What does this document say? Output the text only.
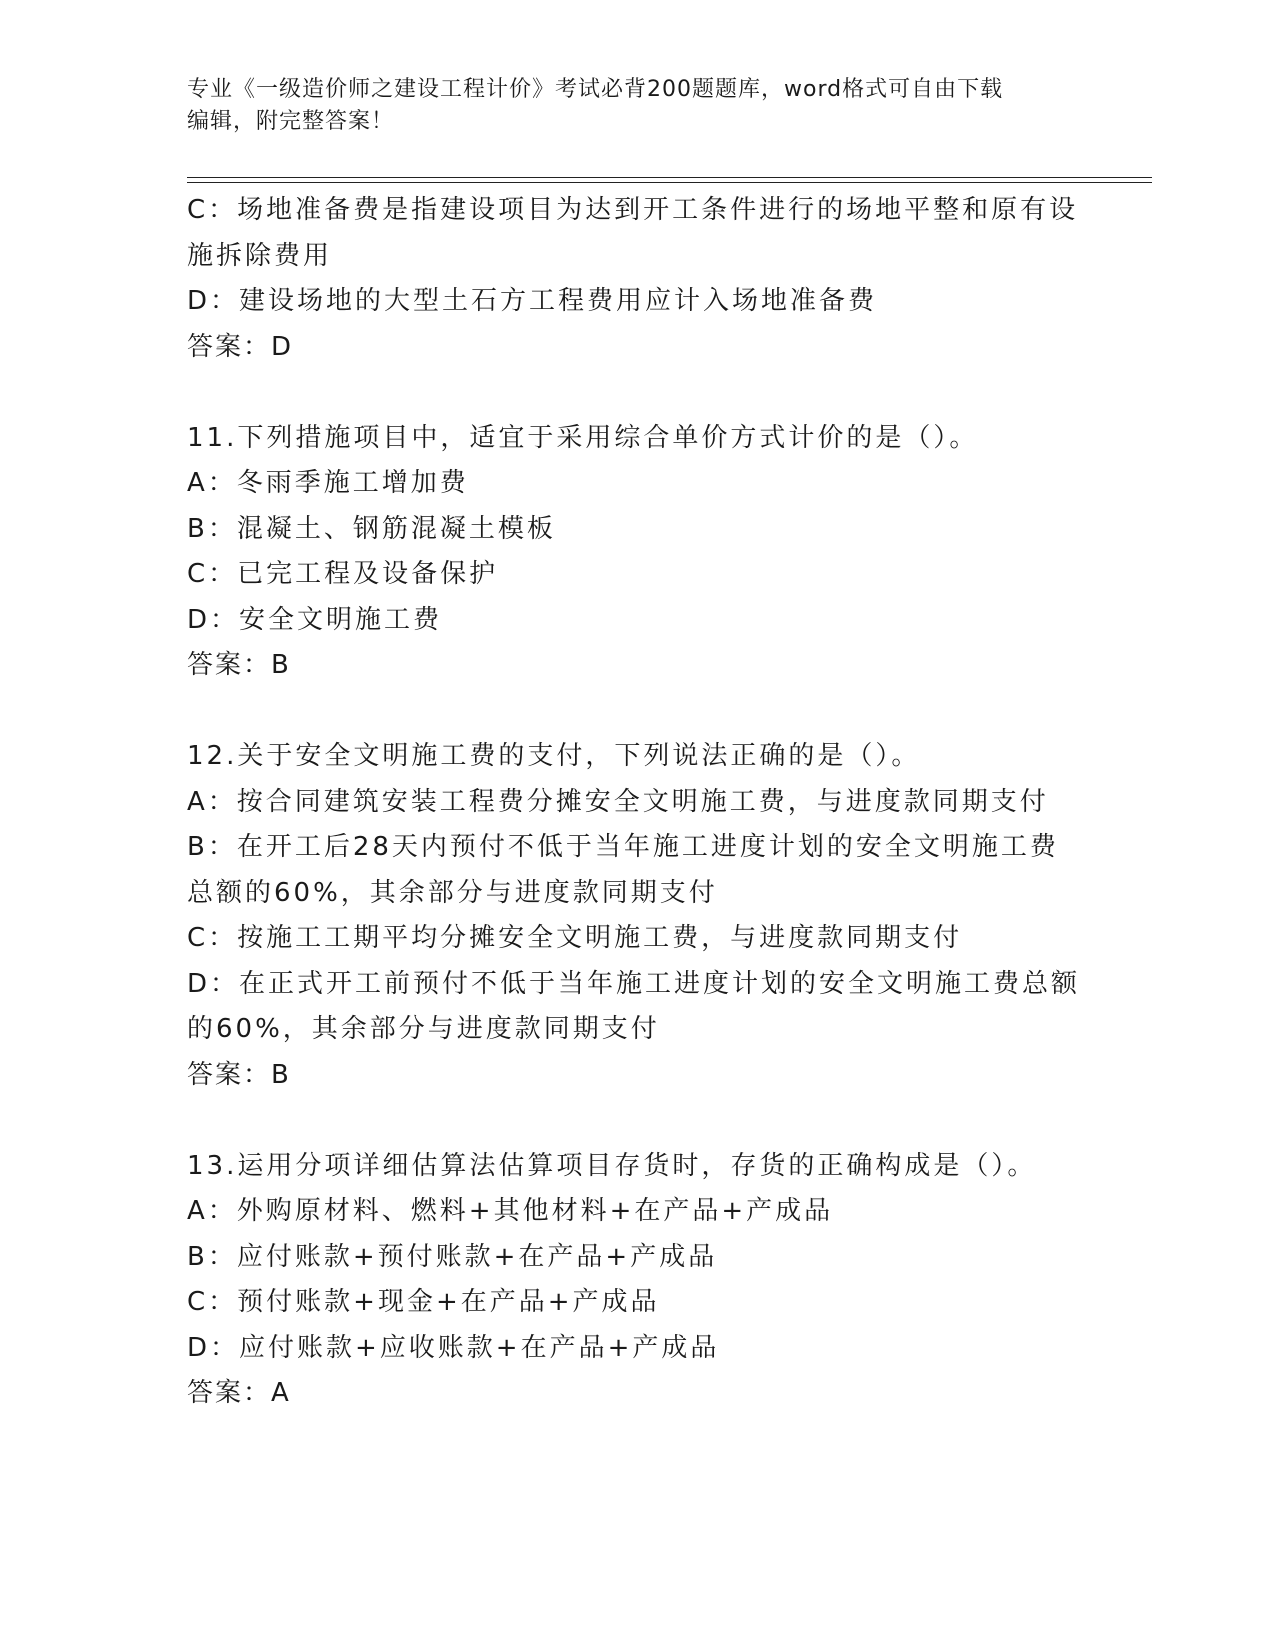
专业《一级造价师之建设工程计价》考试必背200题题库，word格式可自由下载
编辑，附完整答案！
C：场地准备费是指建设项目为达到开工条件进行的场地平整和原有设
施拆除费用
D：建设场地的大型土石方工程费用应计入场地准备费
答案：D
11.下列措施项目中，适宜于采用综合单价方式计价的是（）。
A：冬雨季施工增加费
B：混凝土、钢筋混凝土模板
C：已完工程及设备保护
D：安全文明施工费
答案：B
12.关于安全文明施工费的支付，下列说法正确的是（）。
A：按合同建筑安装工程费分摊安全文明施工费，与进度款同期支付
B：在开工后28天内预付不低于当年施工进度计划的安全文明施工费
总额的60%，其余部分与进度款同期支付
C：按施工工期平均分摊安全文明施工费，与进度款同期支付
D：在正式开工前预付不低于当年施工进度计划的安全文明施工费总额
的60%，其余部分与进度款同期支付
答案：B
13.运用分项详细估算法估算项目存货时，存货的正确构成是（）。
A：外购原材料、燃料+其他材料+在产品+产成品
B：应付账款+预付账款+在产品+产成品
C：预付账款+现金+在产品+产成品
D：应付账款+应收账款+在产品+产成品
答案：A
